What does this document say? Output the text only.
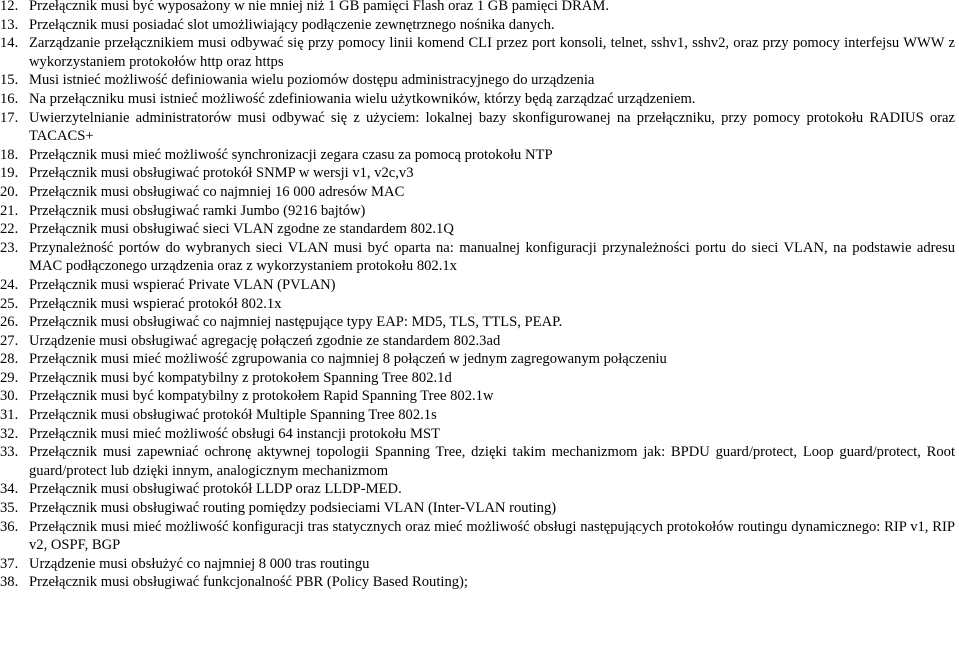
12. Przełącznik musi być wyposażony w nie mniej niż 1 GB pamięci Flash oraz 1 GB pamięci DRAM.
13. Przełącznik musi posiadać slot umożliwiający podłączenie zewnętrznego nośnika danych.
14. Zarządzanie przełącznikiem musi odbywać się przy pomocy linii komend CLI przez port konsoli, telnet, sshv1, sshv2, oraz przy pomocy interfejsu WWW z wykorzystaniem protokołów http oraz https
15. Musi istnieć możliwość definiowania wielu poziomów dostępu administracyjnego do urządzenia
16. Na przełączniku musi istnieć możliwość zdefiniowania wielu użytkowników, którzy będą zarządzać urządzeniem.
17. Uwierzytelnianie administratorów musi odbywać się z użyciem: lokalnej bazy skonfigurowanej na przełączniku, przy pomocy protokołu RADIUS oraz TACACS+
18. Przełącznik musi mieć możliwość synchronizacji zegara czasu za pomocą protokołu NTP
19. Przełącznik musi obsługiwać protokół SNMP w wersji v1, v2c,v3
20. Przełącznik musi obsługiwać co najmniej 16 000 adresów MAC
21. Przełącznik musi obsługiwać ramki Jumbo (9216 bajtów)
22. Przełącznik musi obsługiwać sieci VLAN zgodne ze standardem 802.1Q
23. Przynależność portów do wybranych sieci VLAN musi być oparta na: manualnej konfiguracji przynależności portu do sieci VLAN, na podstawie adresu MAC podłączonego urządzenia oraz z wykorzystaniem protokołu 802.1x
24. Przełącznik musi wspierać Private VLAN (PVLAN)
25. Przełącznik musi wspierać protokół 802.1x
26. Przełącznik musi obsługiwać co najmniej następujące typy EAP: MD5, TLS, TTLS, PEAP.
27. Urządzenie musi obsługiwać agregację połączeń zgodnie ze standardem 802.3ad
28. Przełącznik musi mieć możliwość zgrupowania co najmniej 8 połączeń w jednym zagregowanym połączeniu
29. Przełącznik musi być kompatybilny z protokołem Spanning Tree 802.1d
30. Przełącznik musi być kompatybilny z protokołem Rapid Spanning Tree 802.1w
31. Przełącznik musi obsługiwać protokół Multiple Spanning Tree 802.1s
32. Przełącznik musi mieć możliwość obsługi 64 instancji protokołu MST
33. Przełącznik musi zapewniać ochronę aktywnej topologii Spanning Tree, dzięki takim mechanizmom jak: BPDU guard/protect, Loop guard/protect, Root guard/protect lub dzięki innym, analogicznym mechanizmom
34. Przełącznik musi obsługiwać protokół LLDP oraz LLDP-MED.
35. Przełącznik musi obsługiwać routing pomiędzy podsieciami VLAN (Inter-VLAN routing)
36. Przełącznik musi mieć możliwość konfiguracji tras statycznych oraz mieć możliwość obsługi następujących protokołów routingu dynamicznego: RIP v1, RIP v2, OSPF, BGP
37. Urządzenie musi obsłużyć co najmniej 8 000 tras routingu
38. Przełącznik musi obsługiwać funkcjonalność PBR (Policy Based Routing);
